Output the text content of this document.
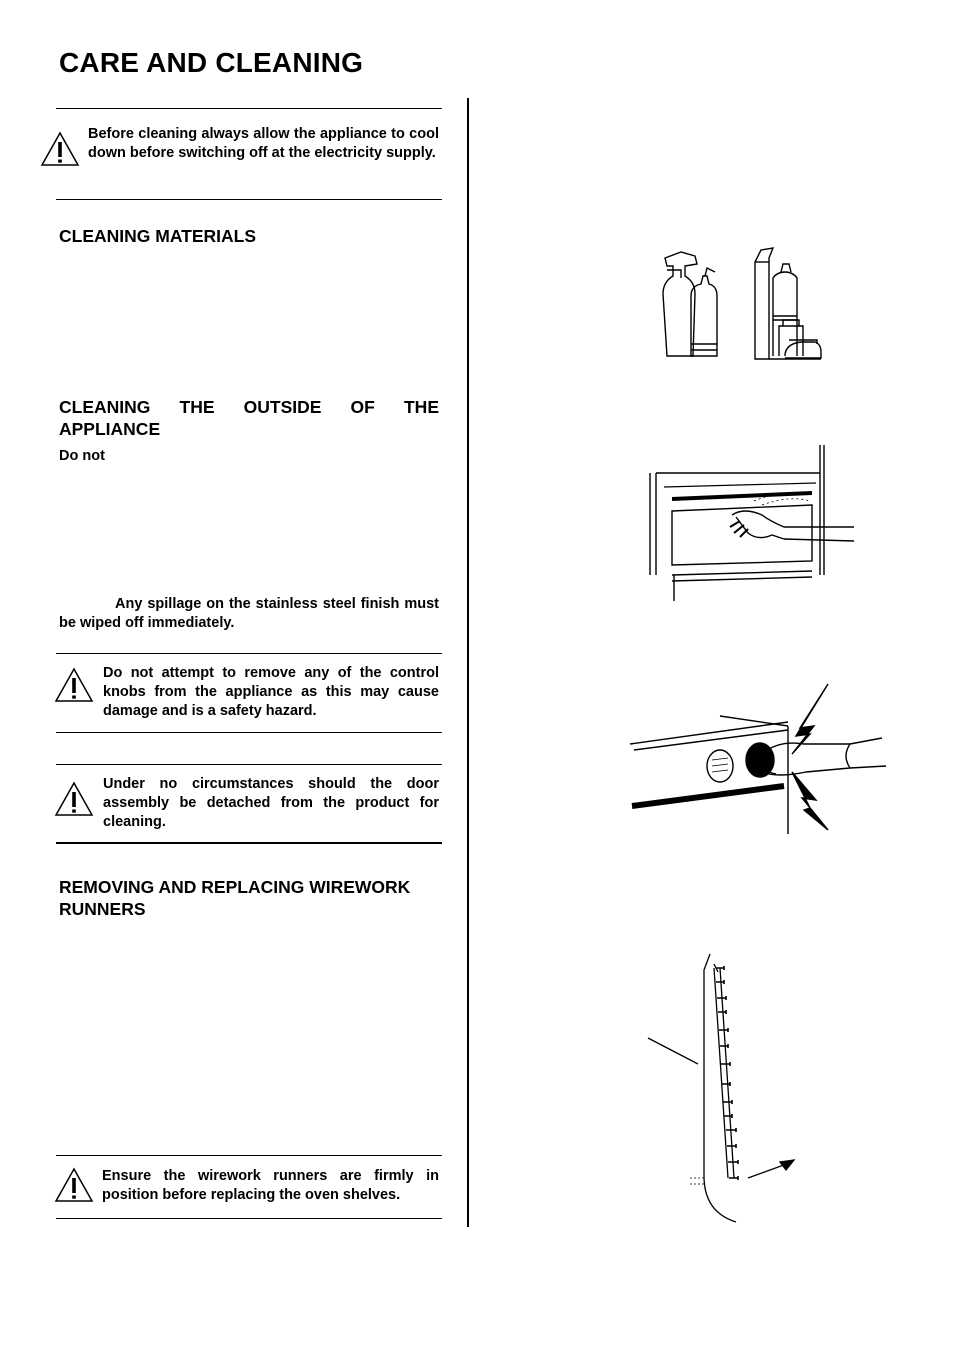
CARE AND CLEANING
Before cleaning always allow the appliance to cool down before switching off at the electricity supply.
CLEANING MATERIALS
CLEANING THE OUTSIDE OF THE
APPLIANCE
Do not
Any spillage on the stainless steel finish must be wiped off immediately.
Do not attempt to remove any of the control knobs from the appliance as this may cause damage and is a safety hazard.
Under no circumstances should the door assembly be detached from the product for cleaning.
REMOVING AND REPLACING WIREWORK
RUNNERS
Ensure the wirework runners are firmly in position before replacing the oven shelves.
